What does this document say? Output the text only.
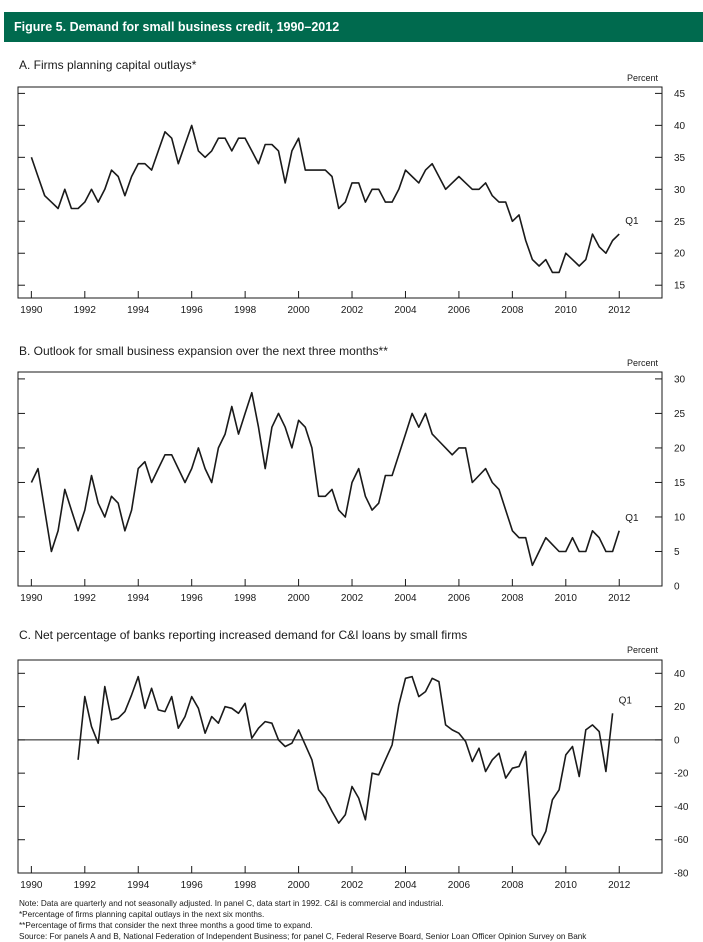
Figure 5. Demand for small business credit, 1990–2012
A. Firms planning capital outlays*
Percent
15
20
25
30
35
40
45
1990	1992	1994	1996	1998	2000	2002	2004	2006	2008	2010	2012
Q1
B. Outlook for small business expansion over the next three months**
Percent
0
5
10
15
20
25
30
1990	1992	1994	1996	1998	2000	2002	2004	2006	2008	2010	2012
Q1
C. Net percentage of banks reporting increased demand for C&I loans by small firms
Percent
-80
-60
-40
-20
0
20
40
1990	1992	1994	1996	1998	2000	2002	2004	2006	2008	2010	2012
Q1
Note: Data are quarterly and not seasonally adjusted. In panel C, data start in 1992. C&I is commercial and industrial.
*Percentage of firms planning capital outlays in the next six months.
**Percentage of firms that consider the next three months a good time to expand.
Source: For panels A and B, National Federation of Independent Business; for panel C, Federal Reserve Board, Senior Loan Officer Opinion Survey on Bank
